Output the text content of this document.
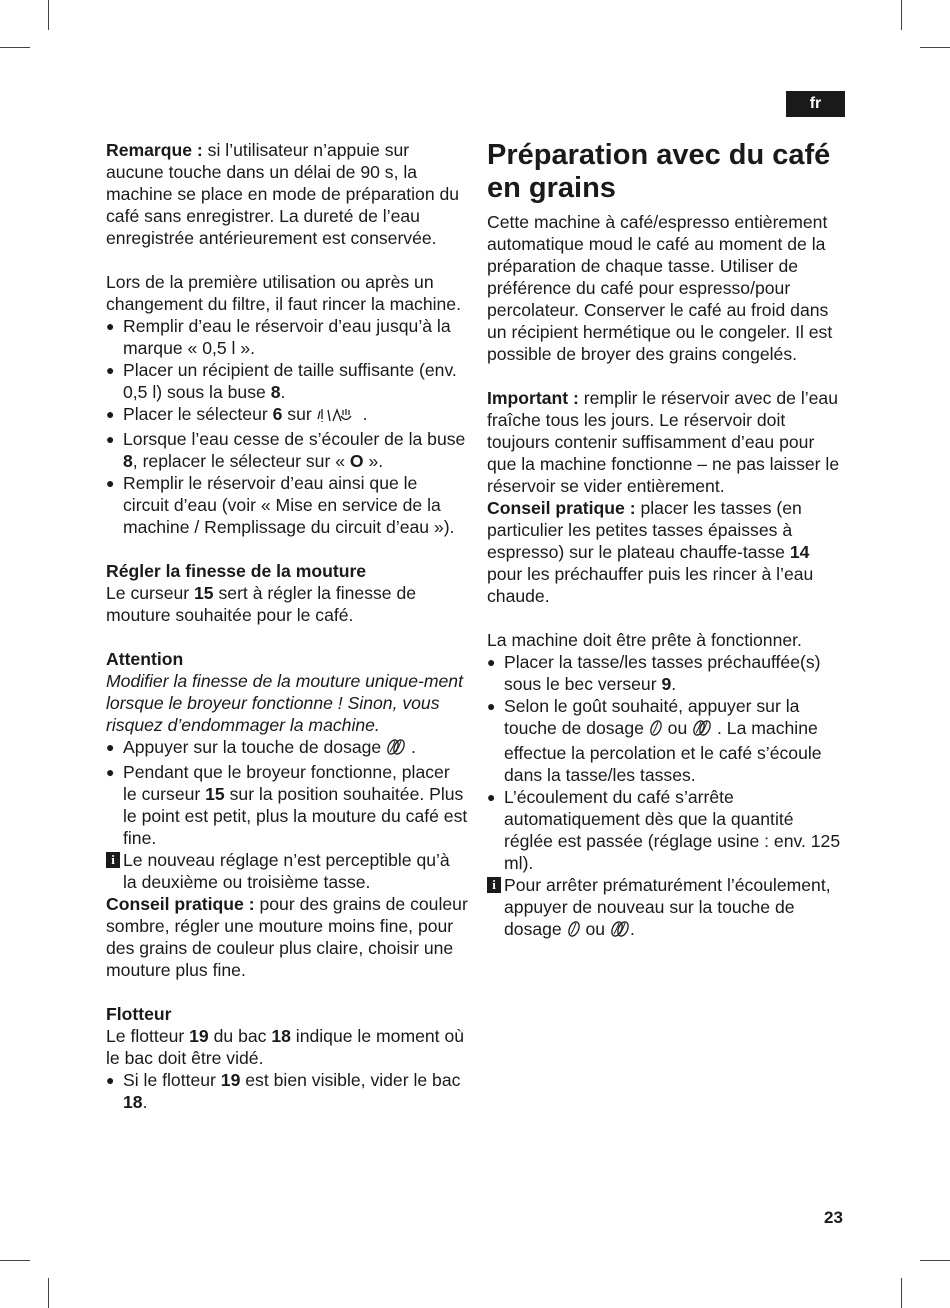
fr

Remarque : si l’utilisateur n’appuie sur aucune touche dans un délai de 90 s, la machine se place en mode de préparation du café sans enregistrer. La dureté de l’eau enregistrée antérieurement est conservée.

Lors de la première utilisation ou après un changement du filtre, il faut rincer la machine.

● Remplir d’eau le réservoir d’eau jusqu’à la marque « 0,5 l ».
● Placer un récipient de taille suffisante (env. 0,5 l) sous la buse 8.
● Placer le sélecteur 6 sur	.
● Lorsque l’eau cesse de s’écouler de la buse 8, replacer le sélecteur sur « O ».
● Remplir le réservoir d’eau ainsi que le circuit d’eau (voir « Mise en service de la machine / Remplissage du circuit d’eau »).

Régler la finesse de la mouture

Le curseur 15 sert à régler la finesse de mouture souhaitée pour le café.

Attention

Modifier la finesse de la mouture unique-ment lorsque le broyeur fonctionne ! Sinon, vous risquez d’endommager la machine.

● Appuyer sur la touche de dosage  .
● Pendant que le broyeur fonctionne, placer le curseur 15 sur la position souhaitée. Plus le point est petit, plus la mouture du café est fine.
i Le nouveau réglage n’est perceptible qu’à la deuxième ou troisième tasse.

Conseil pratique : pour des grains de couleur sombre, régler une mouture moins fine, pour des grains de couleur plus claire, choisir une mouture plus fine.

Flotteur

Le flotteur 19 du bac 18 indique le moment où le bac doit être vidé.

● Si le flotteur 19 est bien visible, vider le bac 18.
Préparation avec du café en grains

Cette machine à café/espresso entièrement automatique moud le café au moment de la préparation de chaque tasse. Utiliser de préférence du café pour espresso/pour percolateur. Conserver le café au froid dans un récipient hermétique ou le congeler. Il est possible de broyer des grains congelés.

Important : remplir le réservoir avec de l’eau fraîche tous les jours. Le réservoir doit toujours contenir suffisamment d’eau pour que la machine fonctionne – ne pas laisser le réservoir se vider entièrement.

Conseil pratique : placer les tasses (en particulier les petites tasses épaisses à espresso) sur le plateau chauffe-tasse 14 pour les préchauffer puis les rincer à l’eau chaude.

La machine doit être prête à fonctionner.

● Placer la tasse/les tasses préchauffée(s) sous le bec verseur 9.
● Selon le goût souhaité, appuyer sur la touche de dosage  ou  . La machine effectue la percolation et le café s’écoule dans la tasse/les tasses.
● L’écoulement du café s’arrête automatiquement dès que la quantité réglée est passée (réglage usine : env. 125 ml).
i Pour arrêter prématurément l’écoulement, appuyer de nouveau sur la touche de dosage  ou .
23
